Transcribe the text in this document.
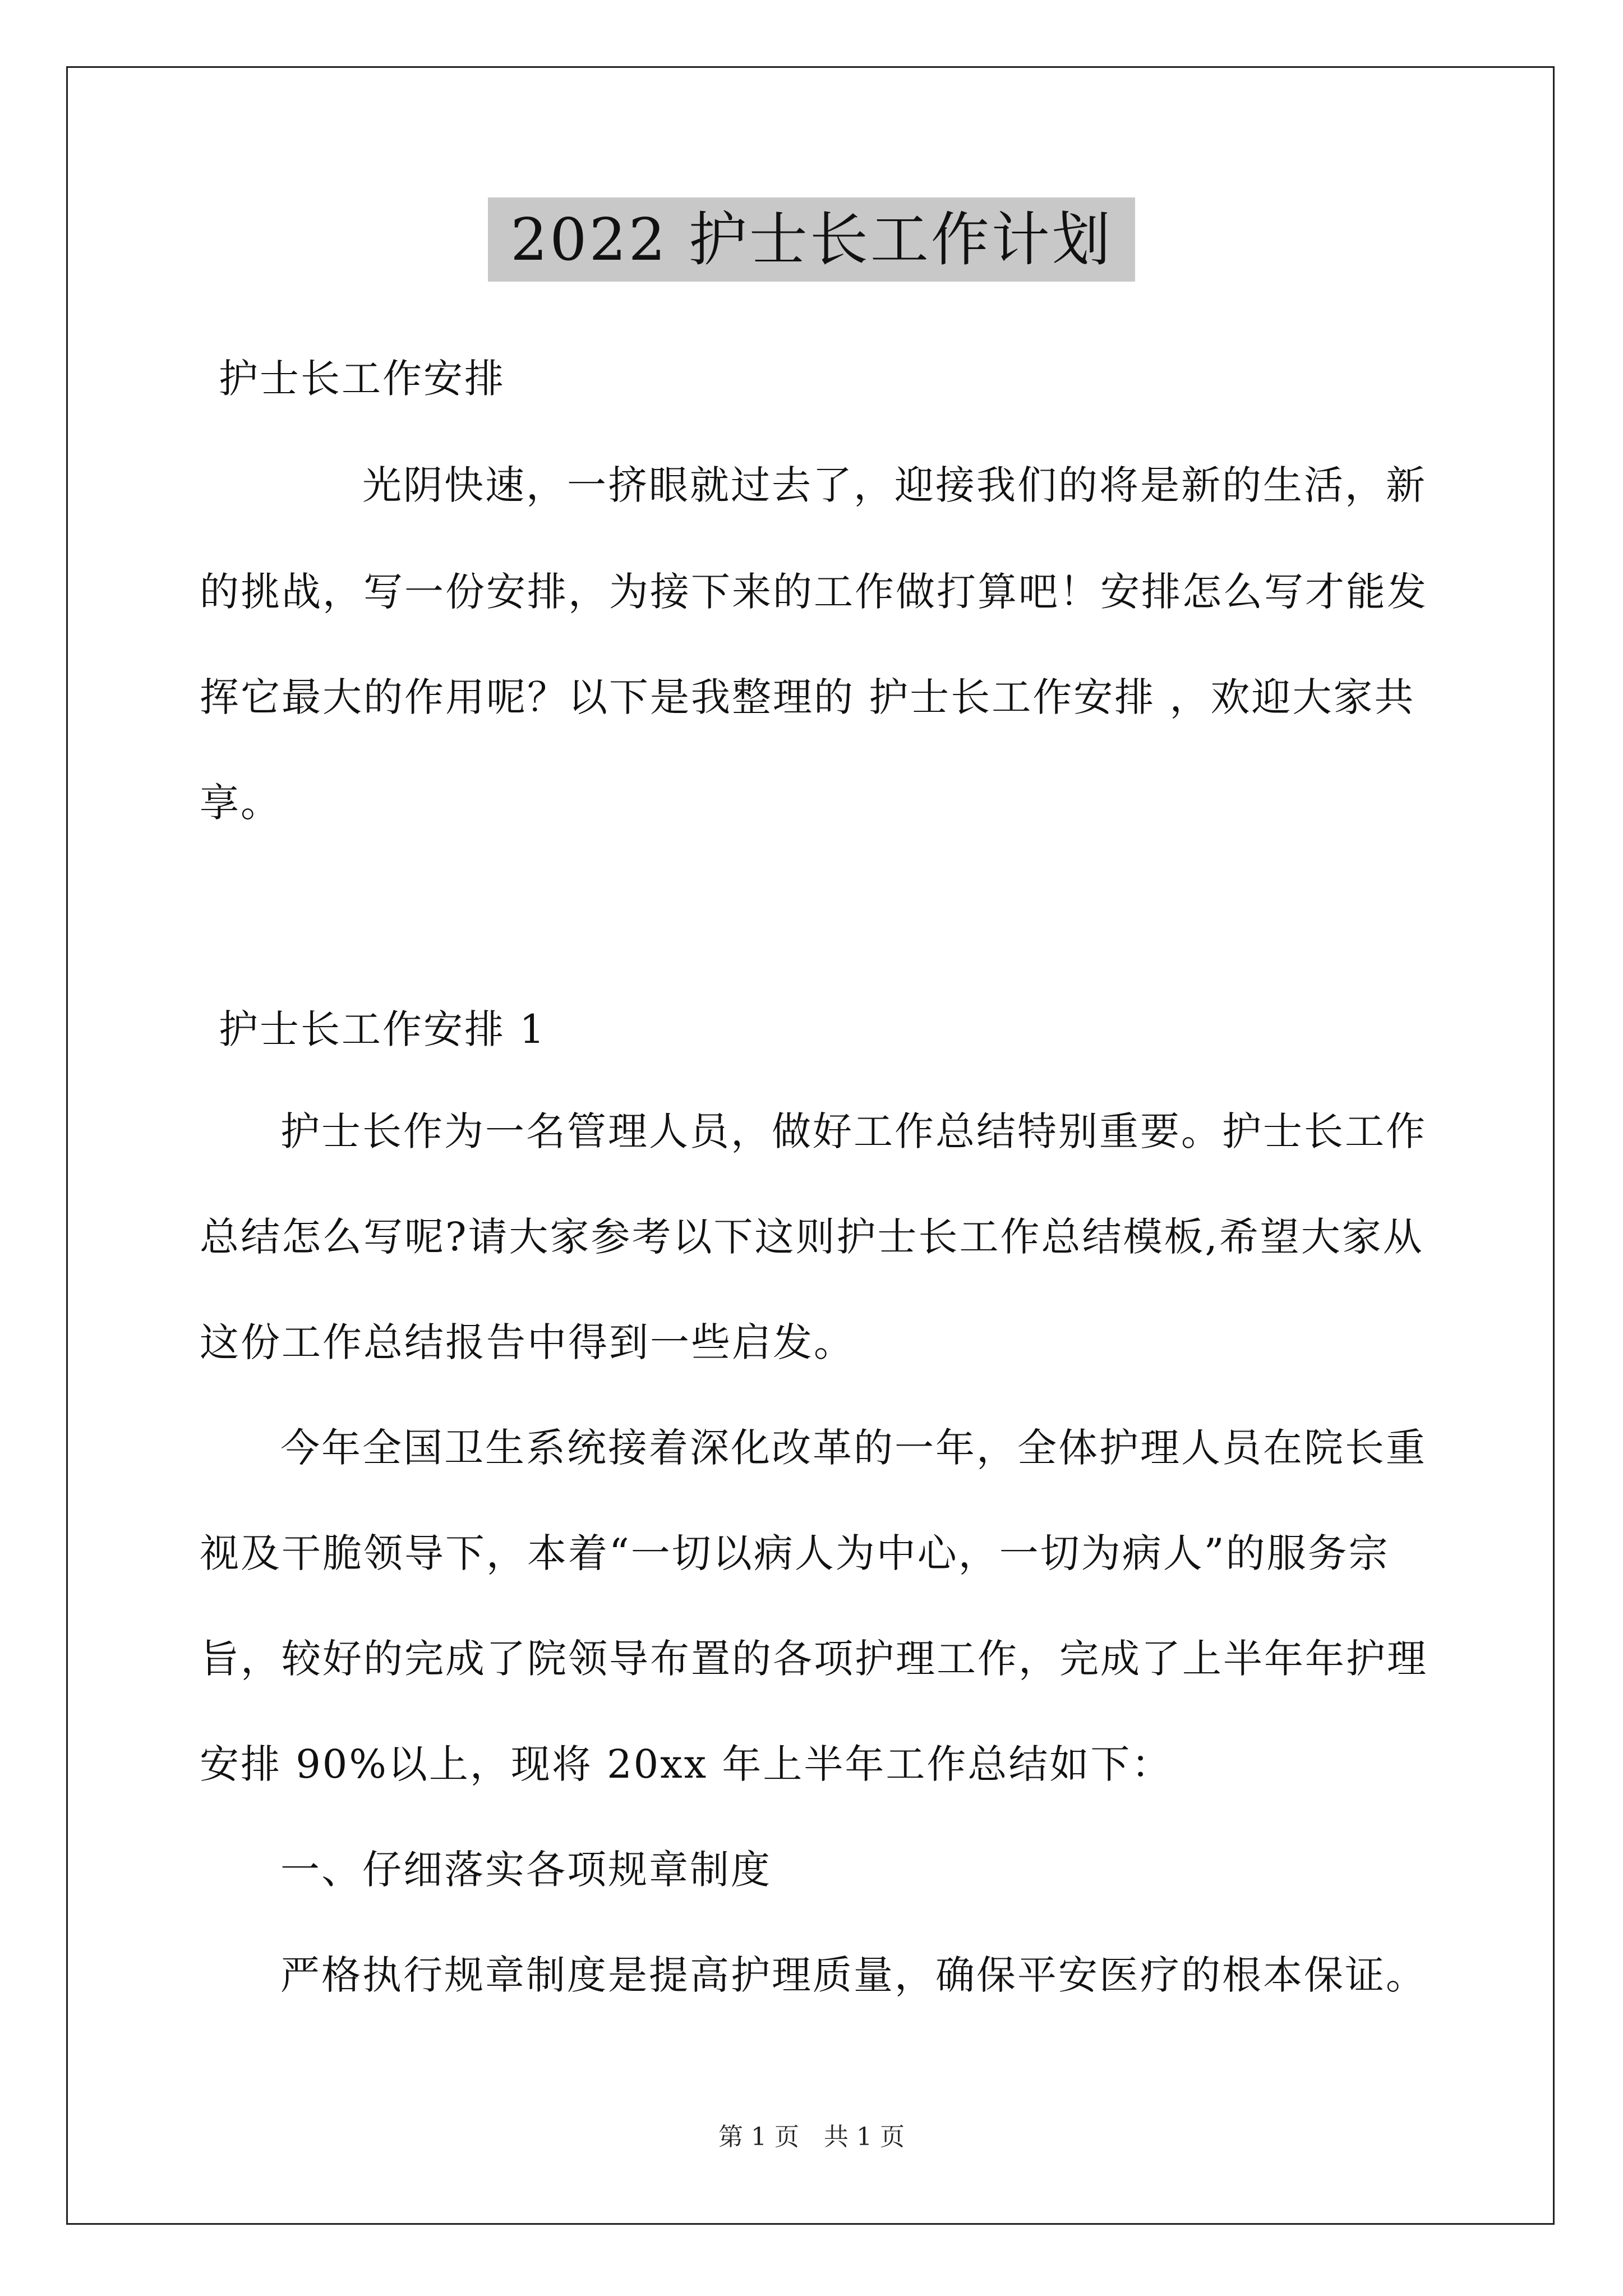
2022 护士长工作计划
护士长工作安排
光阴快速，一挤眼就过去了，迎接我们的将是新的生活，新
的挑战，写一份安排，为接下来的工作做打算吧！安排怎么写才能发
挥它最大的作用呢？以下是我整理的 护士长工作安排 ，欢迎大家共
享。
护士长工作安排 1
护士长作为一名管理人员，做好工作总结特别重要。护士长工作
总结怎么写呢?请大家参考以下这则护士长工作总结模板,希望大家从
这份工作总结报告中得到一些启发。
今年全国卫生系统接着深化改革的一年，全体护理人员在院长重
视及干脆领导下，本着“一切以病人为中心，一切为病人”的服务宗
旨，较好的完成了院领导布置的各项护理工作，完成了上半年年护理
安排 90%以上，现将 20xx 年上半年工作总结如下：
一、仔细落实各项规章制度
严格执行规章制度是提高护理质量，确保平安医疗的根本保证。
第 1 页　共 1 页
